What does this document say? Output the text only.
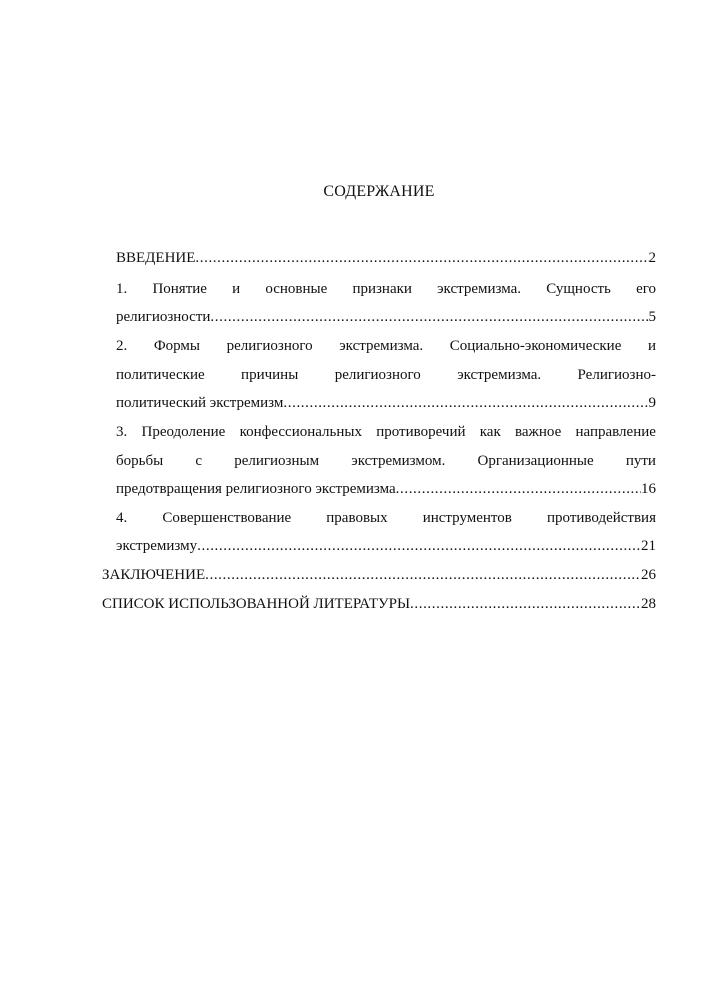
СОДЕРЖАНИЕ
ВВЕДЕНИЕ .....	2
1. Понятие и основные признаки экстремизма. Сущность его
религиозности .....	5
2. Формы религиозного экстремизма. Социально-экономические и
политические причины религиозного экстремизма. Религиозно-
политический экстремизм .....	9
3. Преодоление конфессиональных противоречий как важное направление
борьбы с религиозным экстремизмом. Организационные пути
предотвращения религиозного экстремизма .....	16
4. Совершенствование правовых инструментов противодействия
экстремизму .....	21
ЗАКЛЮЧЕНИЕ .....	26
СПИСОК ИСПОЛЬЗОВАННОЙ ЛИТЕРАТУРЫ .....	28
